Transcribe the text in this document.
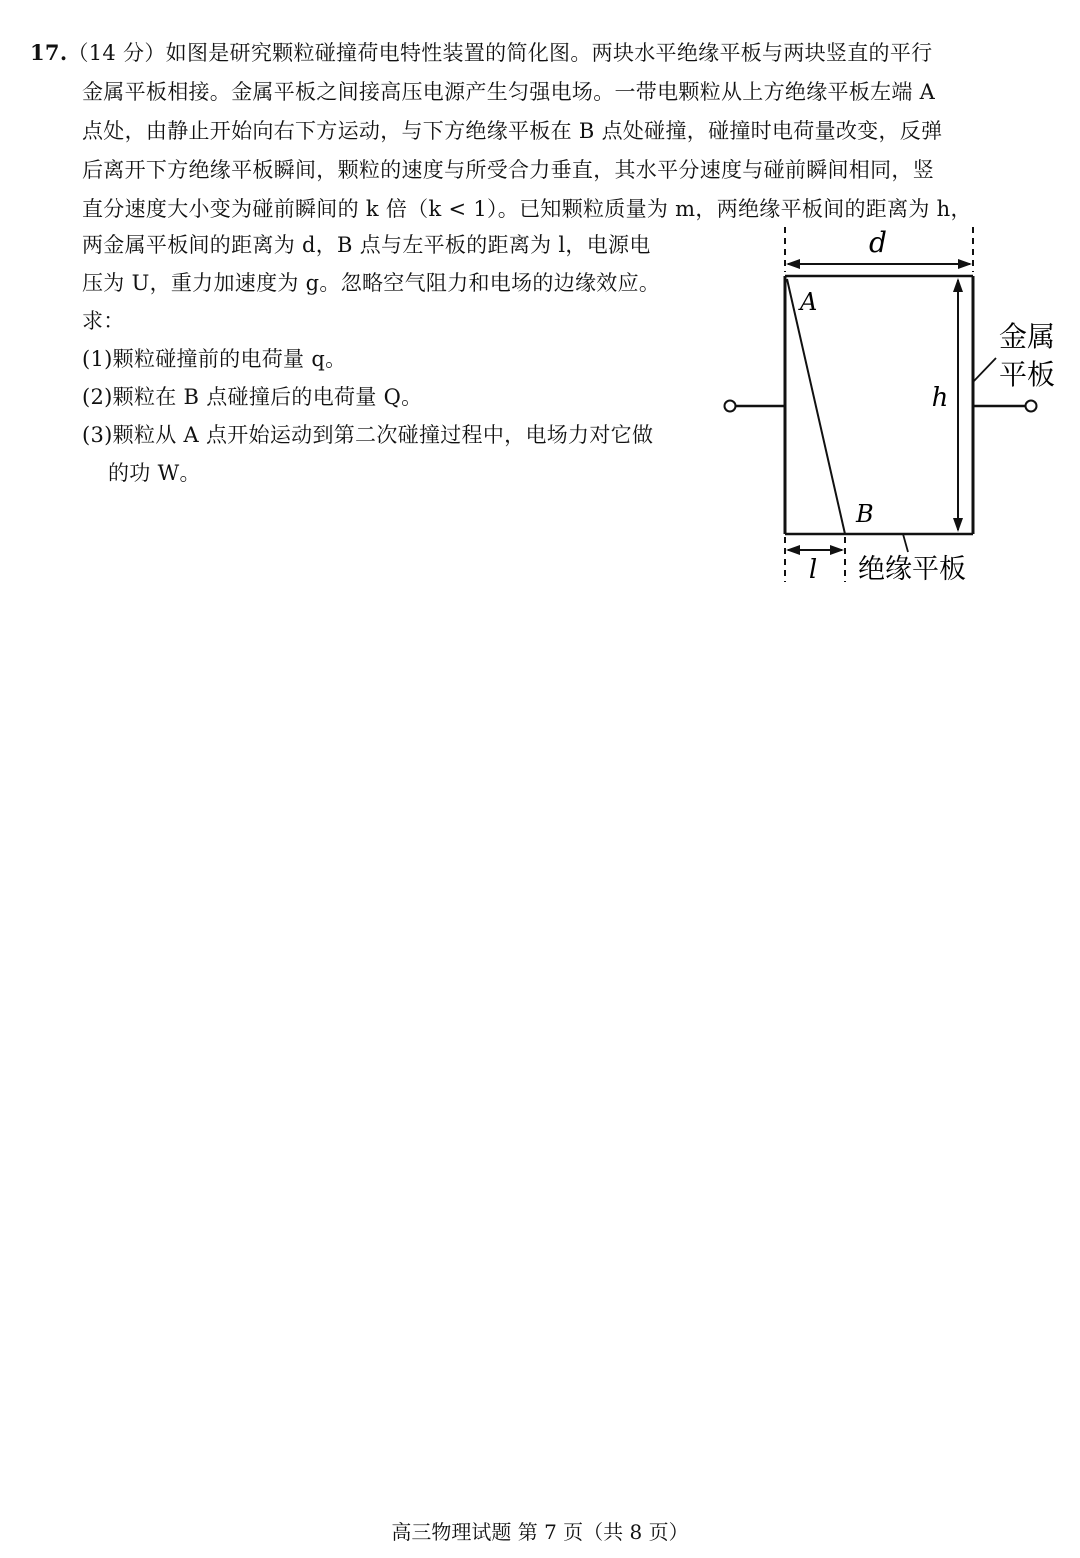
17.（14 分）如图是研究颗粒碰撞荷电特性装置的简化图。两块水平绝缘平板与两块竖直的平行
金属平板相接。金属平板之间接高压电源产生匀强电场。一带电颗粒从上方绝缘平板左端 A
点处，由静止开始向右下方运动，与下方绝缘平板在 B 点处碰撞，碰撞时电荷量改变，反弹
后离开下方绝缘平板瞬间，颗粒的速度与所受合力垂直，其水平分速度与碰前瞬间相同，竖
直分速度大小变为碰前瞬间的 k 倍（k < 1）。已知颗粒质量为 m，两绝缘平板间的距离为 h，
两金属平板间的距离为 d，B 点与左平板的距离为 l，电源电
压为 U，重力加速度为 g。忽略空气阻力和电场的边缘效应。
求：
(1)颗粒碰撞前的电荷量 q。
(2)颗粒在 B 点碰撞后的电荷量 Q。
(3)颗粒从 A 点开始运动到第二次碰撞过程中，电场力对它做
的功 W。
d
h
A
B
l 绝缘平板
金属
平板
高三物理试题 第 7 页（共 8 页）
